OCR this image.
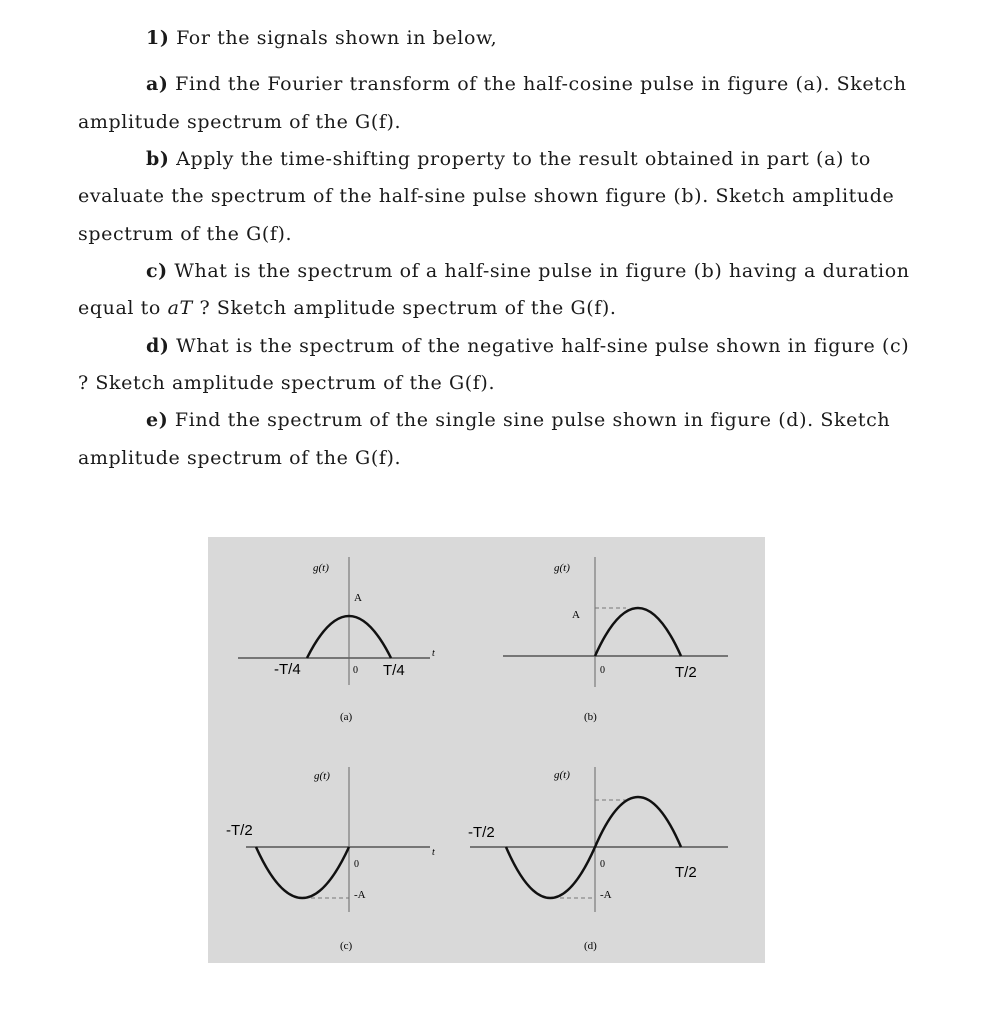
1) For the signals shown in below,
a) Find the Fourier transform of the half-cosine pulse in figure (a). Sketch
amplitude spectrum of the G(f).
b) Apply the time-shifting property to the result obtained in part (a) to
evaluate the spectrum of the half-sine pulse shown figure (b). Sketch amplitude
spectrum of the G(f).
c) What is the spectrum of a half-sine pulse in figure (b) having a duration
equal to aT ? Sketch amplitude spectrum of the G(f).
d) What is the spectrum of the negative half-sine pulse shown in figure (c)
? Sketch amplitude spectrum of the G(f).
e) Find the spectrum of the single sine pulse shown in figure (d). Sketch
amplitude spectrum of the G(f).
g(t)
A
t
-T/4	0 T/4
(a)
g(t)
A
0	T/2
(b)
g(t)
-A
t
0
-T/2
(c)
g(t)
-A
0
-T/2
T/2
(d)
